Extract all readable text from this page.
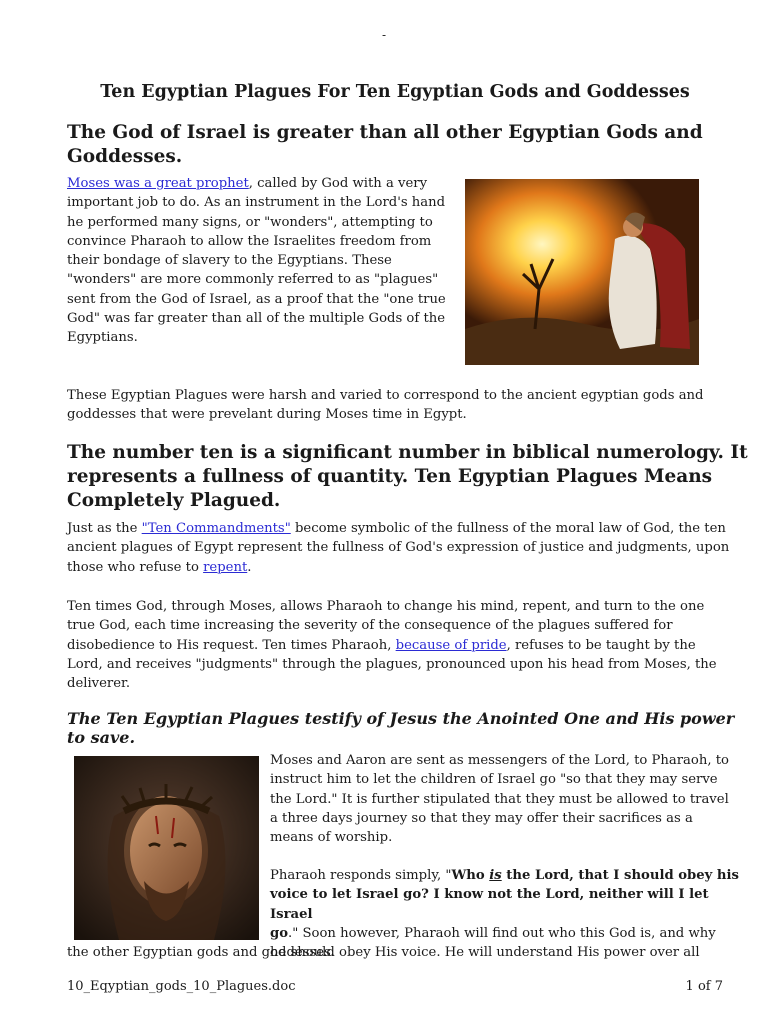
-
Ten Egyptian Plagues For Ten Egyptian Gods and Goddesses
The God of Israel is greater than all other Egyptian Gods and
Goddesses.
Moses was a great prophet, called by God with a very
important job to do. As an instrument in the Lord's hand
he performed many signs, or "wonders", attempting to
convince Pharaoh to allow the Israelites freedom from
their bondage of slavery to the Egyptians. These
"wonders" are more commonly referred to as "plagues"
sent from the God of Israel, as a proof that the "one true
God" was far greater than all of the multiple Gods of the
Egyptians.
These Egyptian Plagues were harsh and varied to correspond to the ancient egyptian gods and
goddesses that were prevelant during Moses time in Egypt.
The number ten is a significant number in biblical numerology. It
represents a fullness of quantity. Ten Egyptian Plagues Means
Completely Plagued.
Just as the "Ten Commandments" become symbolic of the fullness of the moral law of God, the ten
ancient plagues of Egypt represent the fullness of God's expression of justice and judgments, upon
those who refuse to repent.
Ten times God, through Moses, allows Pharaoh to change his mind, repent, and turn to the one
true God, each time increasing the severity of the consequence of the plagues suffered for
disobedience to His request. Ten times Pharaoh, because of pride, refuses to be taught by the
Lord, and receives "judgments" through the plagues, pronounced upon his head from Moses, the
deliverer.
The Ten Egyptian Plagues testify of Jesus the Anointed One and His power to save.
Moses and Aaron are sent as messengers of the Lord, to Pharaoh, to
instruct him to let the children of Israel go "so that they may serve
the Lord." It is further stipulated that they must be allowed to travel
a three days journey so that they may offer their sacrifices as a
means of worship.
Pharaoh responds simply, "Who is the Lord, that I should obey his
voice to let Israel go? I know not the Lord, neither will I let Israel
go." Soon however, Pharaoh will find out who this God is, and why
he should obey His voice. He will understand His power over all
the other Egyptian gods and goddesses.
10_Eqyptian_gods_10_Plagues.doc	1 of 7
